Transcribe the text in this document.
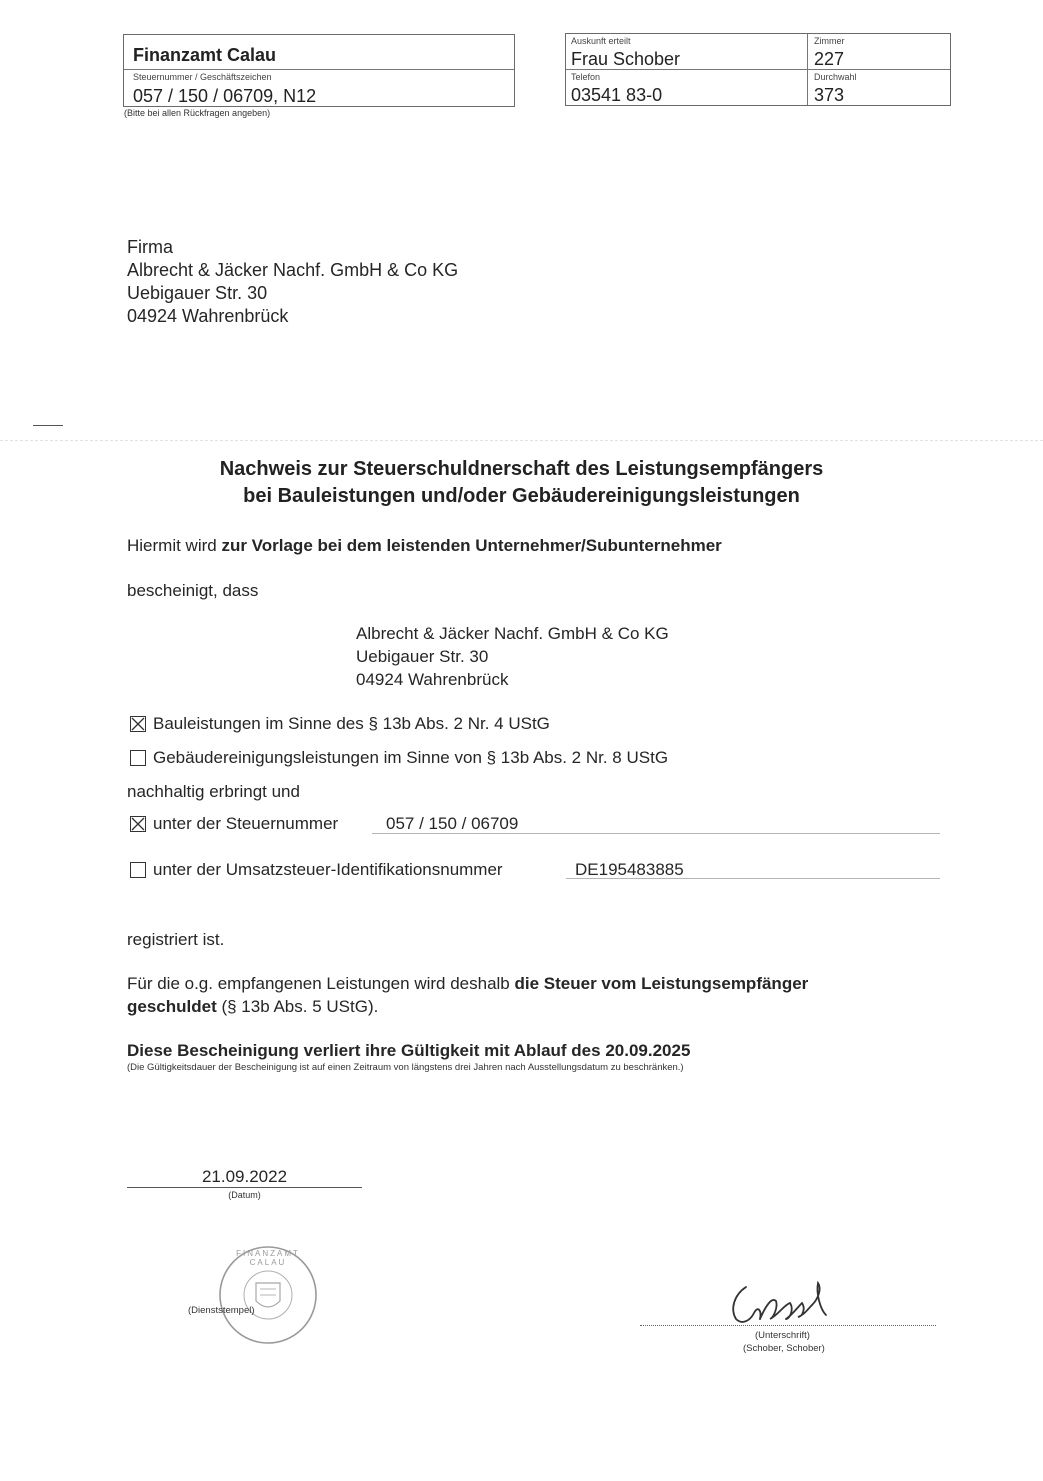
Finanzamt Calau
Steuernummer / Geschäftszeichen
057 / 150 / 06709, N12
(Bitte bei allen Rückfragen angeben)
Auskunft erteilt
Frau Schober
Zimmer
227
Telefon
03541 83-0
Durchwahl
373
Firma
Albrecht & Jäcker Nachf. GmbH & Co KG
Uebigauer Str. 30
04924 Wahrenbrück
Nachweis zur Steuerschuldnerschaft des Leistungsempfängers
bei Bauleistungen und/oder Gebäudereinigungsleistungen
Hiermit wird zur Vorlage bei dem leistenden Unternehmer/Subunternehmer
bescheinigt, dass
Albrecht & Jäcker Nachf. GmbH & Co KG
Uebigauer Str. 30
04924 Wahrenbrück
Bauleistungen im Sinne des § 13b Abs. 2 Nr. 4 UStG
Gebäudereinigungsleistungen im Sinne von § 13b Abs. 2 Nr. 8 UStG
nachhaltig erbringt und
unter der Steuernummer	057 / 150 / 06709
unter der Umsatzsteuer-Identifikationsnummer	DE195483885
registriert ist.
Für die o.g. empfangenen Leistungen wird deshalb die Steuer vom Leistungsempfänger
geschuldet (§ 13b Abs. 5 UStG).
Diese Bescheinigung verliert ihre Gültigkeit mit Ablauf des 20.09.2025
(Die Gültigkeitsdauer der Bescheinigung ist auf einen Zeitraum von längstens drei Jahren nach Ausstellungsdatum zu beschränken.)
21.09.2022
(Datum)
FINANZAMT CALAU
(Dienststempel)
(Unterschrift)
(Schober, Schober)
